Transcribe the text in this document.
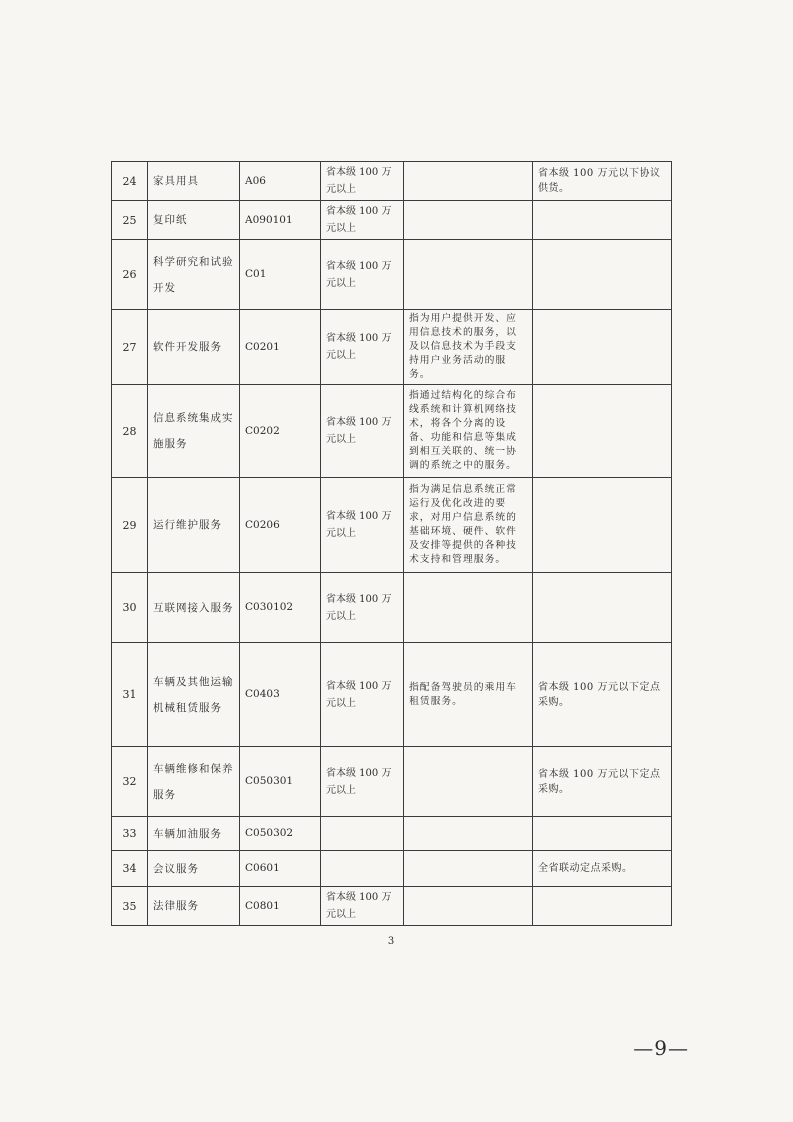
24	家具用具	A06	省本级 100 万元以上		省本级 100 万元以下协议供货。
25	复印纸	A090101	省本级 100 万元以上		
26	科学研究和试验开发	C01	省本级 100 万元以上		
27	软件开发服务	C0201	省本级 100 万元以上	指为用户提供开发、应用信息技术的服务，以及以信息技术为手段支持用户业务活动的服务。	
28	信息系统集成实施服务	C0202	省本级 100 万元以上	指通过结构化的综合布线系统和计算机网络技术，将各个分离的设备、功能和信息等集成到相互关联的、统一协调的系统之中的服务。	
29	运行维护服务	C0206	省本级 100 万元以上	指为满足信息系统正常运行及优化改进的要求，对用户信息系统的基础环境、硬件、软件及安排等提供的各种技术支持和管理服务。	
30	互联网接入服务	C030102	省本级 100 万元以上		
31	车辆及其他运输机械租赁服务	C0403	省本级 100 万元以上	指配备驾驶员的乘用车租赁服务。	省本级 100 万元以下定点采购。
32	车辆维修和保养服务	C050301	省本级 100 万元以上		省本级 100 万元以下定点采购。
33	车辆加油服务	C050302			
34	会议服务	C0601			全省联动定点采购。
35	法律服务	C0801	省本级 100 万元以上		
3
—9—
